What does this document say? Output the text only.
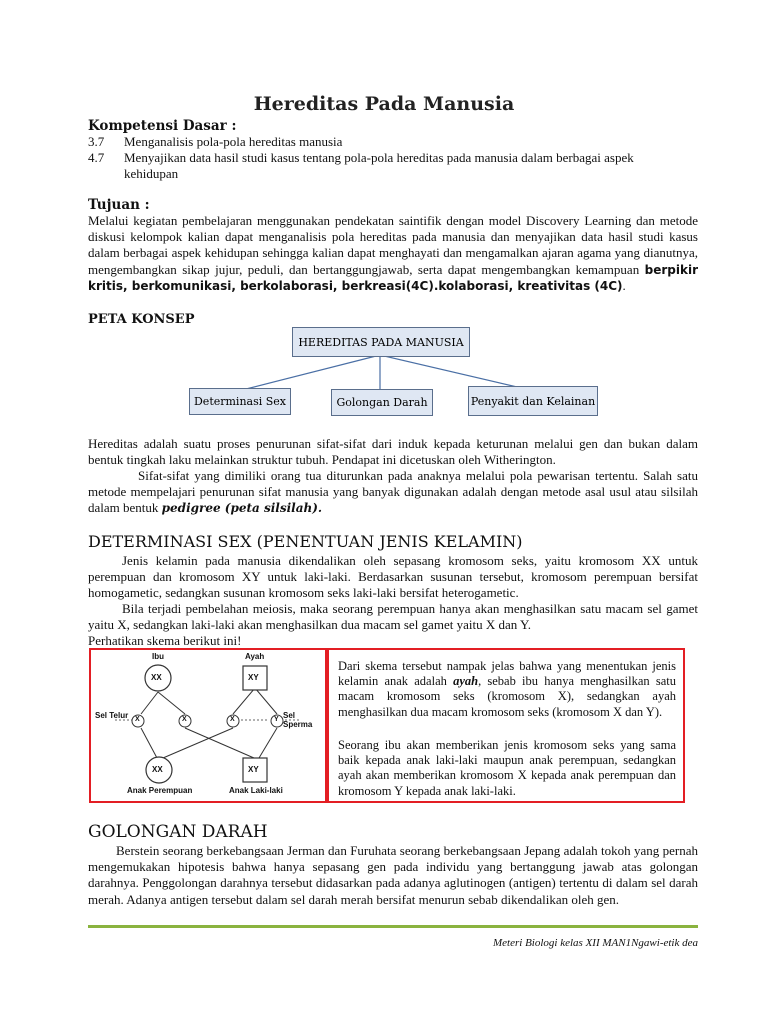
Hereditas Pada Manusia
Kompetensi Dasar :
3.7 Menganalisis pola-pola hereditas manusia
4.7 Menyajikan data hasil studi kasus tentang pola-pola hereditas pada manusia dalam berbagai aspek kehidupan
Tujuan :
Melalui kegiatan pembelajaran menggunakan pendekatan saintifik dengan model Discovery Learning dan metode diskusi kelompok kalian dapat menganalisis pola hereditas pada manusia dan menyajikan data hasil studi kasus dalam berbagai aspek kehidupan sehingga kalian dapat menghayati dan mengamalkan ajaran agama yang dianutnya, mengembangkan sikap jujur, peduli, dan bertanggungjawab, serta dapat mengembangkan kemampuan berpikir kritis, berkomunikasi, berkolaborasi, berkreasi(4C).kolaborasi, kreativitas (4C).
PETA KONSEP
HEREDITAS PADA MANUSIA
Determinasi Sex	Golongan Darah	Penyakit dan Kelainan
Hereditas adalah suatu proses penurunan sifat-sifat dari induk kepada keturunan melalui gen dan bukan dalam bentuk tingkah laku melainkan struktur tubuh. Pendapat ini dicetuskan oleh Witherington.
Sifat-sifat yang dimiliki orang tua diturunkan pada anaknya melalui pola pewarisan tertentu. Salah satu metode mempelajari penurunan sifat manusia yang banyak digunakan adalah dengan metode asal usul atau silsilah dalam bentuk pedigree (peta silsilah).
DETERMINASI SEX (PENENTUAN JENIS KELAMIN)
Jenis kelamin pada manusia dikendalikan oleh sepasang kromosom seks, yaitu kromosom XX untuk perempuan dan kromosom XY untuk laki-laki. Berdasarkan susunan tersebut, kromosom perempuan bersifat homogametic, sedangkan susunan kromosom seks laki-laki bersifat heterogametic.
Bila terjadi pembelahan meiosis, maka seorang perempuan hanya akan menghasilkan satu macam sel gamet yaitu X, sedangkan laki-laki akan menghasilkan dua macam sel gamet yaitu X dan Y.
Perhatikan skema berikut ini!
Ibu	Ayah
XX	XY
Sel Telur	Sel Sperma
X	X	X	Y
XX	XY
Anak Perempuan	Anak Laki-laki
Dari skema tersebut nampak jelas bahwa yang menentukan jenis kelamin anak adalah ayah, sebab ibu hanya menghasilkan satu macam kromosom seks (kromosom X), sedangkan ayah menghasilkan dua macam kromosom seks (kromosom X dan Y).
Seorang ibu akan memberikan jenis kromosom seks yang sama baik kepada anak laki-laki maupun anak perempuan, sedangkan ayah akan memberikan kromosom X kepada anak perempuan dan kromosom Y kepada anak laki-laki.
GOLONGAN DARAH
Berstein seorang berkebangsaan Jerman dan Furuhata seorang berkebangsaan Jepang adalah tokoh yang pernah mengemukakan hipotesis bahwa hanya sepasang gen pada individu yang bertanggung jawab atas golongan darahnya. Penggolongan darahnya tersebut didasarkan pada adanya aglutinogen (antigen) tertentu di dalam sel darah merah. Adanya antigen tersebut dalam sel darah merah bersifat menurun sebab dikendalikan oleh gen.
Meteri Biologi kelas XII MAN1Ngawi-etik dea
